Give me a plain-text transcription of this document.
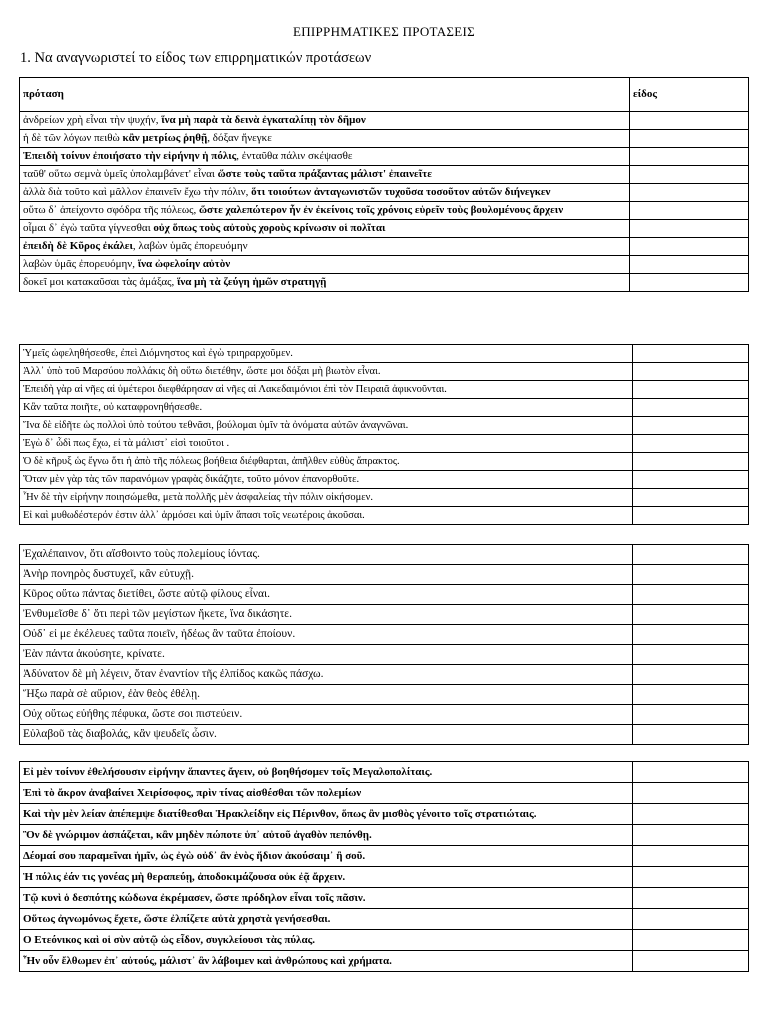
ΕΠΙΡΡΗΜΑΤΙΚΕΣ ΠΡΟΤΑΣΕΙΣ
1. Να αναγνωριστεί το είδος των επιρρηματικών προτάσεων
πρόταση	είδος
ἀνδρείων χρὴ εἶναι τὴν ψυχήν, ἵνα μὴ παρὰ τὰ δεινὰ ἐγκαταλίπῃ τὸν δῆμον	
ἡ δὲ τῶν λόγων πειθὼ κἂν μετρίως ῥηθῇ, δόξαν ἤνεγκε	
Ἐπειδὴ τοίνυν ἐποιήσατο τὴν εἰρήνην ἡ πόλις, ἐνταῦθα πάλιν σκέψασθε	
ταῦθ' οὕτω σεμνὰ ὑμεῖς ὑπολαμβάνετ' εἶναι ὥστε τοὺς ταῦτα πράξαντας μάλιστ' ἐπαινεῖτε	
ἀλλὰ διὰ τοῦτο καὶ μᾶλλον ἐπαινεῖν ἔχω τὴν πόλιν, ὅτι τοιούτων ἀνταγωνιστῶν τυχοῦσα τοσοῦτον αὐτῶν διήνεγκεν	
οὕτω δ᾽ ἀπείχοντο σφόδρα τῆς πόλεως, ὥστε χαλεπώτερον ἦν ἐν ἐκείνοις τοῖς χρόνοις εὑρεῖν τοὺς βουλομένους ἄρχειν	
οἶμαι δ᾽ ἐγὼ ταῦτα γίγνεσθαι οὐχ ὅπως τοὺς αὐτοὺς χοροὺς κρίνωσιν οἱ πολῖται	
ἐπειδὴ δὲ Κῦρος ἐκάλει, λαβὼν ὑμᾶς ἐπορευόμην	
λαβὼν ὑμᾶς ἐπορευόμην, ἵνα ὠφελοίην αὐτὸν	
δοκεῖ μοι κατακαῦσαι τὰς ἁμάξας, ἵνα μὴ τὰ ζεύγη ἡμῶν στρατηγῇ	
Ὑμεῖς ὠφεληθήσεσθε, ἐπεὶ Διόμνηστος καὶ ἐγὼ τριηραρχοῦμεν.	
Ἀλλ᾽ ὑπὸ τοῦ Μαρσύου πολλάκις δὴ οὕτω διετέθην, ὥστε μοι δόξαι μὴ βιωτὸν εἶναι.	
Ἐπειδὴ γὰρ αἱ νῆες αἱ ὑμέτεροι διεφθάρησαν αἱ νῆες αἱ Λακεδαιμόνιοι ἐπὶ τὸν Πειραιᾶ ἀφικνοῦνται.	
Κἂν ταῦτα ποιῆτε, οὐ καταφρονηθήσεσθε.	
Ἵνα δὲ εἰδῆτε ὡς πολλοὶ ὑπὸ τούτου τεθνᾶσι, βούλομαι ὑμῖν τὰ ὀνόματα αὐτῶν ἀναγνῶναι.	
Ἐγὼ δ᾽ ὧδὶ πως ἔχω, εἰ τὰ μάλιστ᾽ εἰσὶ τοιοῦτοι .	
Ὁ δὲ κῆρυξ ὡς ἔγνω ὅτι ἡ ἀπὸ τῆς πόλεως βοήθεια διέφθαρται, ἀπῆλθεν εὐθὺς ἄπρακτος.	
Ὅταν μὲν γὰρ τὰς τῶν παρανόμων γραφὰς δικάζητε, τοῦτο μόνον ἐπανορθοῦτε.	
Ἦν δὲ τὴν εἰρήνην ποιησώμεθα, μετὰ πολλῆς μὲν ἀσφαλείας τὴν πόλιν οἰκήσομεν.	
Εἰ καὶ μυθωδέστερόν ἐστιν ἀλλ᾽ ἁρμόσει καὶ ὑμῖν ἅπασι τοῖς νεωτέροις ἀκοῦσαι.	
Ἐχαλέπαινον, ὅτι αἴσθοιντο τοὺς πολεμίους ἰόντας.	
Ἀνὴρ πονηρὸς δυστυχεῖ, κἂν εὐτυχῇ.	
Κῦρος οὕτω πάντας διετίθει, ὥστε αὐτῷ φίλους εἶναι.	
Ἐνθυμεῖσθε δ᾽ ὅτι περὶ τῶν μεγίστων ἥκετε, ἵνα δικάσητε.	
Οὐδ᾽ εἰ με ἐκέλευες ταῦτα ποιεῖν, ἡδέως ἂν ταῦτα ἐποίουν.	
Ἐὰν πάντα ἀκούσητε, κρίνατε.	
Ἀδύνατον δὲ μὴ λέγειν, ὅταν ἐναντίον τῆς ἐλπίδος κακῶς πάσχω.	
Ἥξω παρὰ σὲ αὔριον, ἐὰν θεὸς ἐθέλῃ.	
Οὐχ οὕτως εὐήθης πέφυκα, ὥστε σοι πιστεύειν.	
Εὐλαβοῦ τὰς διαβολάς, κἂν ψευδεῖς ὦσιν.	
Εἰ μὲν τοίνυν ἐθελήσουσιν εἰρήνην ἅπαντες ἄγειν, οὐ βοηθήσομεν τοῖς Μεγαλοπολίταις.	
Ἐπὶ τὸ ἄκρον ἀναβαίνει Χειρίσοφος, πρὶν τίνας αἰσθέσθαι τῶν πολεμίων	
Καὶ τὴν μὲν λείαν ἀπέπεμψε διατίθεσθαι Ἡρακλείδην εἰς Πέρινθον, ὅπως ἂν μισθὸς γένοιτο τοῖς στρατιώταις.	
Ὃν δὲ γνώριμον ἀσπάζεται, κἂν μηδὲν πώποτε ὑπ᾽ αὐτοῦ ἀγαθὸν πεπόνθῃ.	
Δέομαί σου παραμεῖναι ἡμῖν, ὡς ἐγὼ οὐδ᾽ ἂν ἑνὸς ἥδιον ἀκούσαιμ᾽ ἢ σοῦ.	
Ἡ πόλις ἐάν τις γονέας μὴ θεραπεύῃ, ἀποδοκιμάζουσα οὐκ ἐᾷ ἄρχειν.	
Τῷ κυνὶ ὁ δεσπότης κώδωνα ἐκρέμασεν, ὥστε πρόδηλον εἶναι τοῖς πᾶσιν.	
Οὕτως ἀγνωμόνως ἔχετε, ὥστε ἐλπίζετε αὐτὰ χρηστὰ γενήσεσθαι.	
Ο Ετεόνικος καὶ οἱ σὺν αὐτῷ ὡς εἶδον, συγκλείουσι τὰς πύλας.	
Ἦν οὖν ἔλθωμεν ἐπ᾽ αὐτούς, μάλιστ᾽ ἂν λάβοιμεν καὶ ἀνθρώπους καὶ χρήματα.	
